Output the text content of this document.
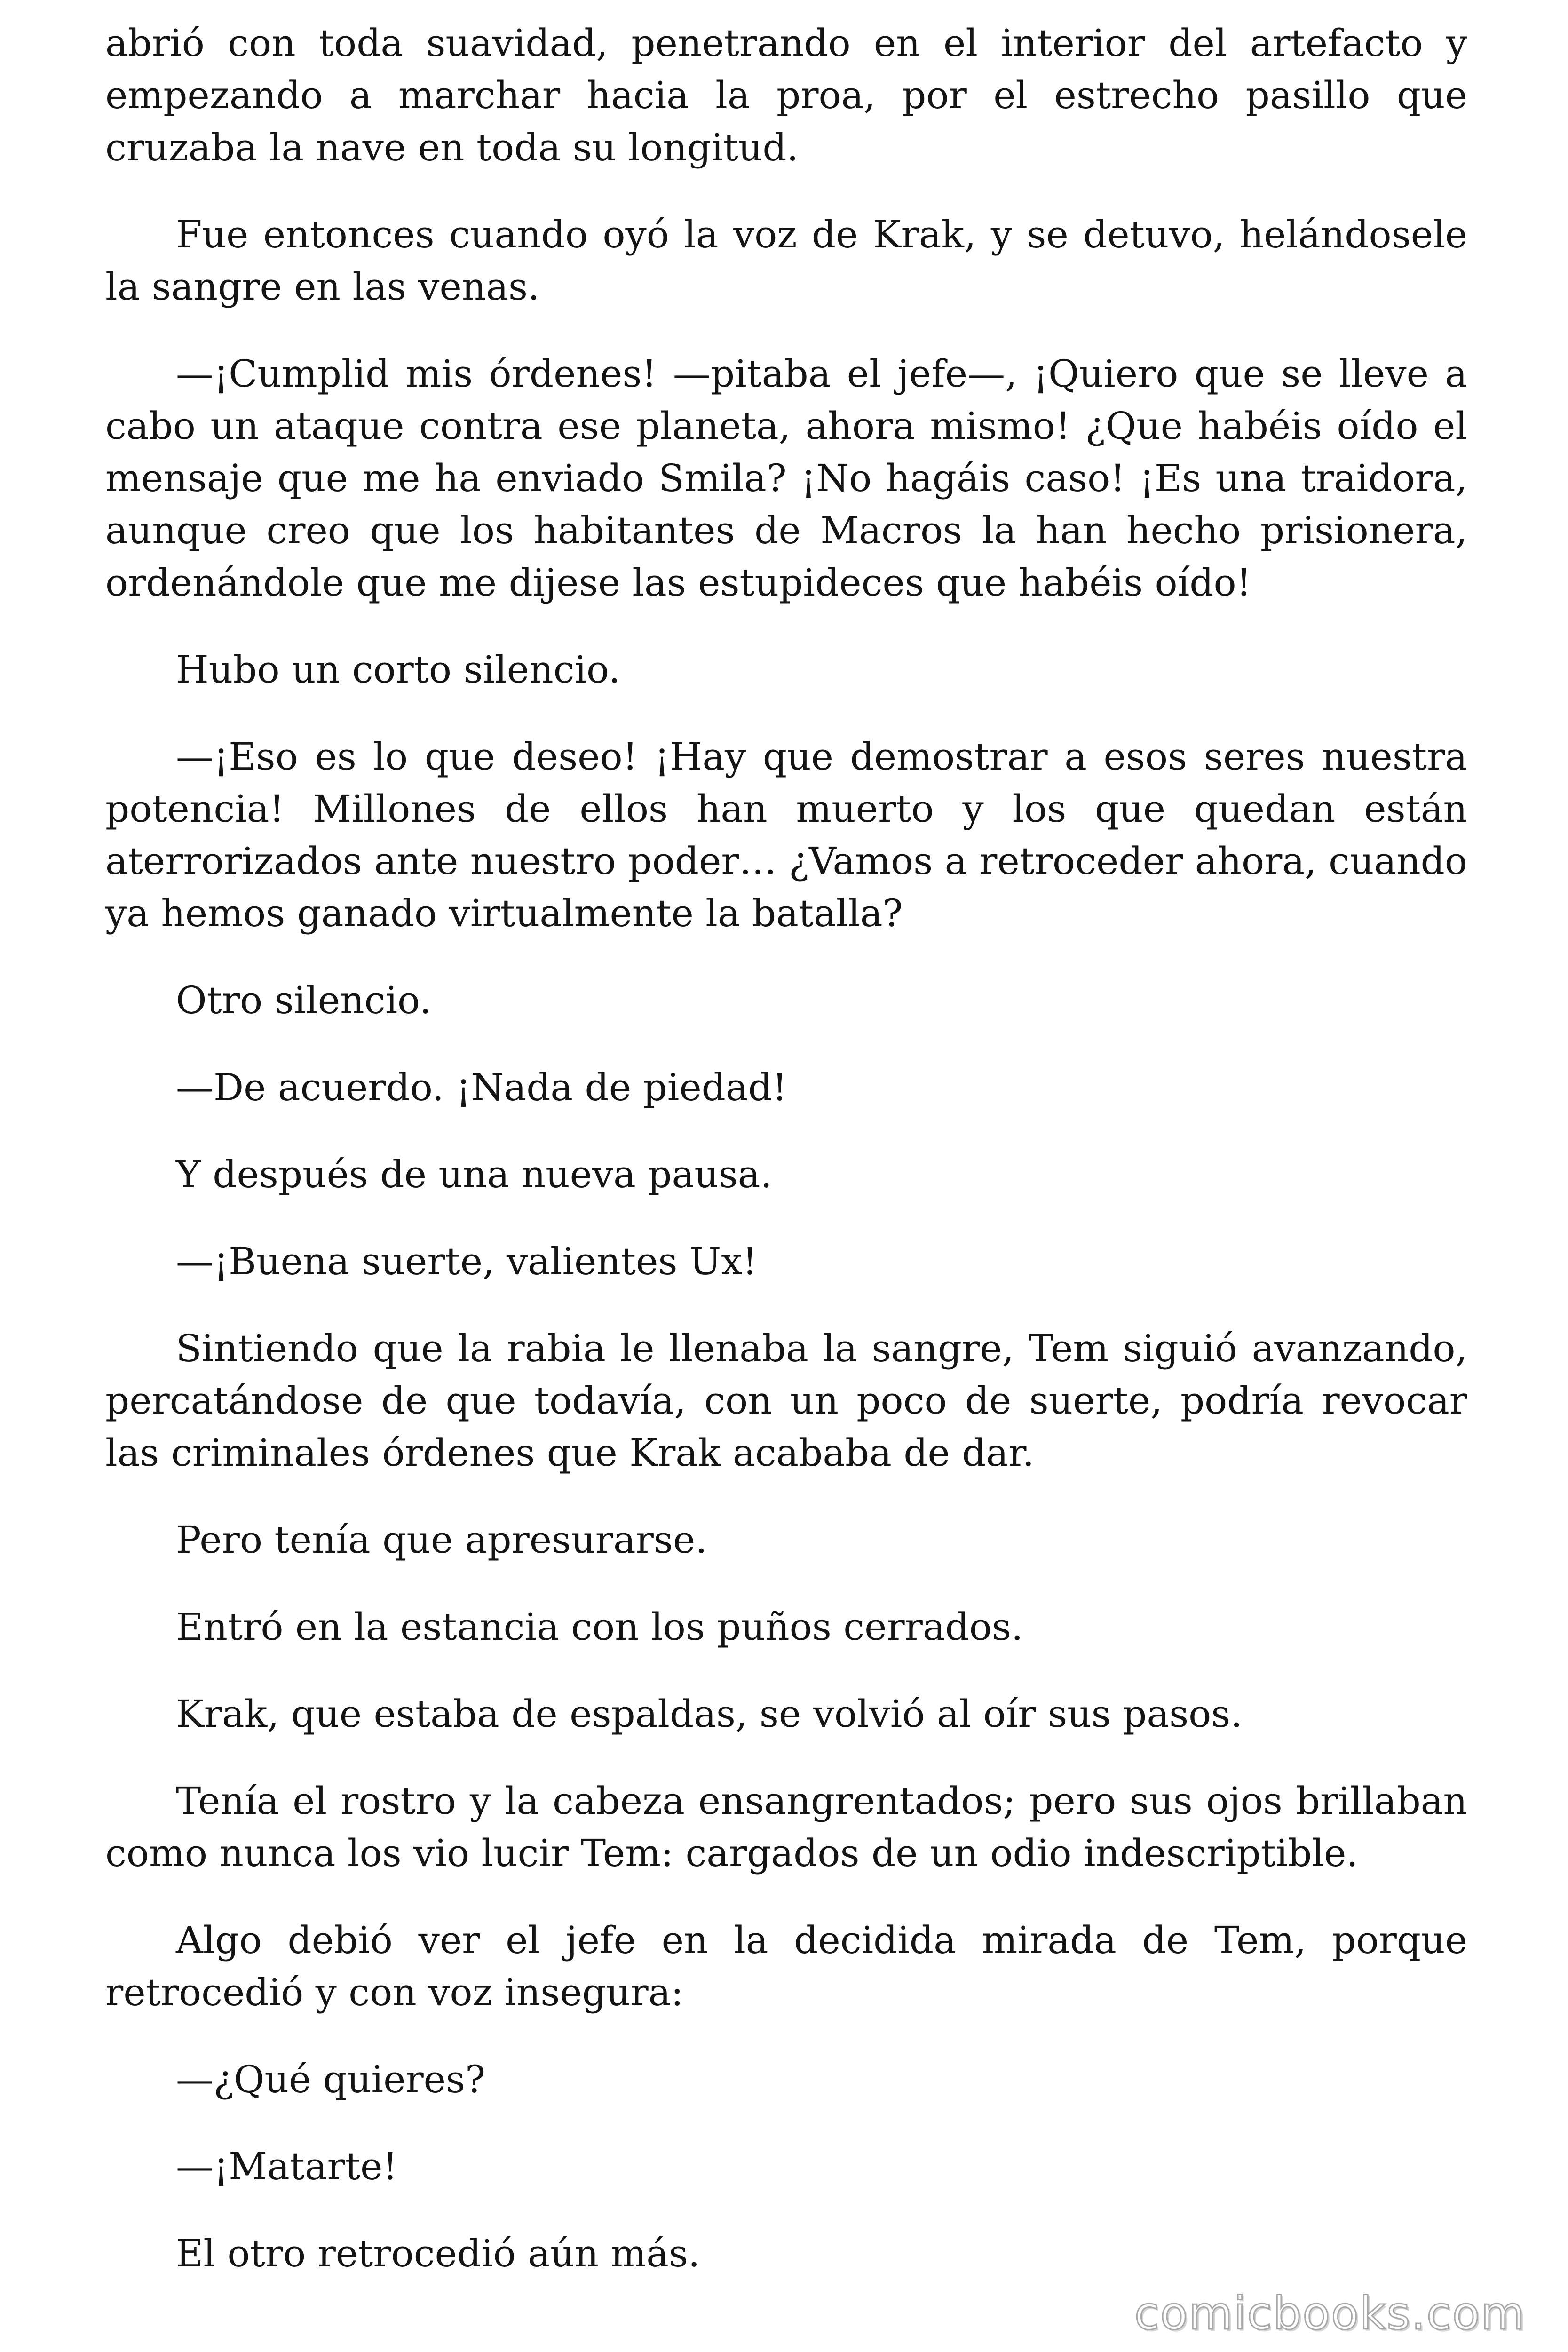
abrió con toda suavidad, penetrando en el interior del artefacto y empezando a marchar hacia la proa, por el estrecho pasillo que cruzaba la nave en toda su longitud.

Fue entonces cuando oyó la voz de Krak, y se detuvo, helándosele la sangre en las venas.

—¡Cumplid mis órdenes! —pitaba el jefe—, ¡Quiero que se lleve a cabo un ataque contra ese planeta, ahora mismo! ¿Que habéis oído el mensaje que me ha enviado Smila? ¡No hagáis caso! ¡Es una traidora, aunque creo que los habitantes de Macros la han hecho prisionera, ordenándole que me dijese las estupideces que habéis oído!

Hubo un corto silencio.

—¡Eso es lo que deseo! ¡Hay que demostrar a esos seres nuestra potencia! Millones de ellos han muerto y los que quedan están aterrorizados ante nuestro poder… ¿Vamos a retroceder ahora, cuando ya hemos ganado virtualmente la batalla?

Otro silencio.

—De acuerdo. ¡Nada de piedad!

Y después de una nueva pausa.

—¡Buena suerte, valientes Ux!

Sintiendo que la rabia le llenaba la sangre, Tem siguió avanzando, percatándose de que todavía, con un poco de suerte, podría revocar las criminales órdenes que Krak acababa de dar.

Pero tenía que apresurarse.

Entró en la estancia con los puños cerrados.

Krak, que estaba de espaldas, se volvió al oír sus pasos.

Tenía el rostro y la cabeza ensangrentados; pero sus ojos brillaban como nunca los vio lucir Tem: cargados de un odio indescriptible.

Algo debió ver el jefe en la decidida mirada de Tem, porque retrocedió y con voz insegura:

—¿Qué quieres?

—¡Matarte!

El otro retrocedió aún más.

comicbooks.com
